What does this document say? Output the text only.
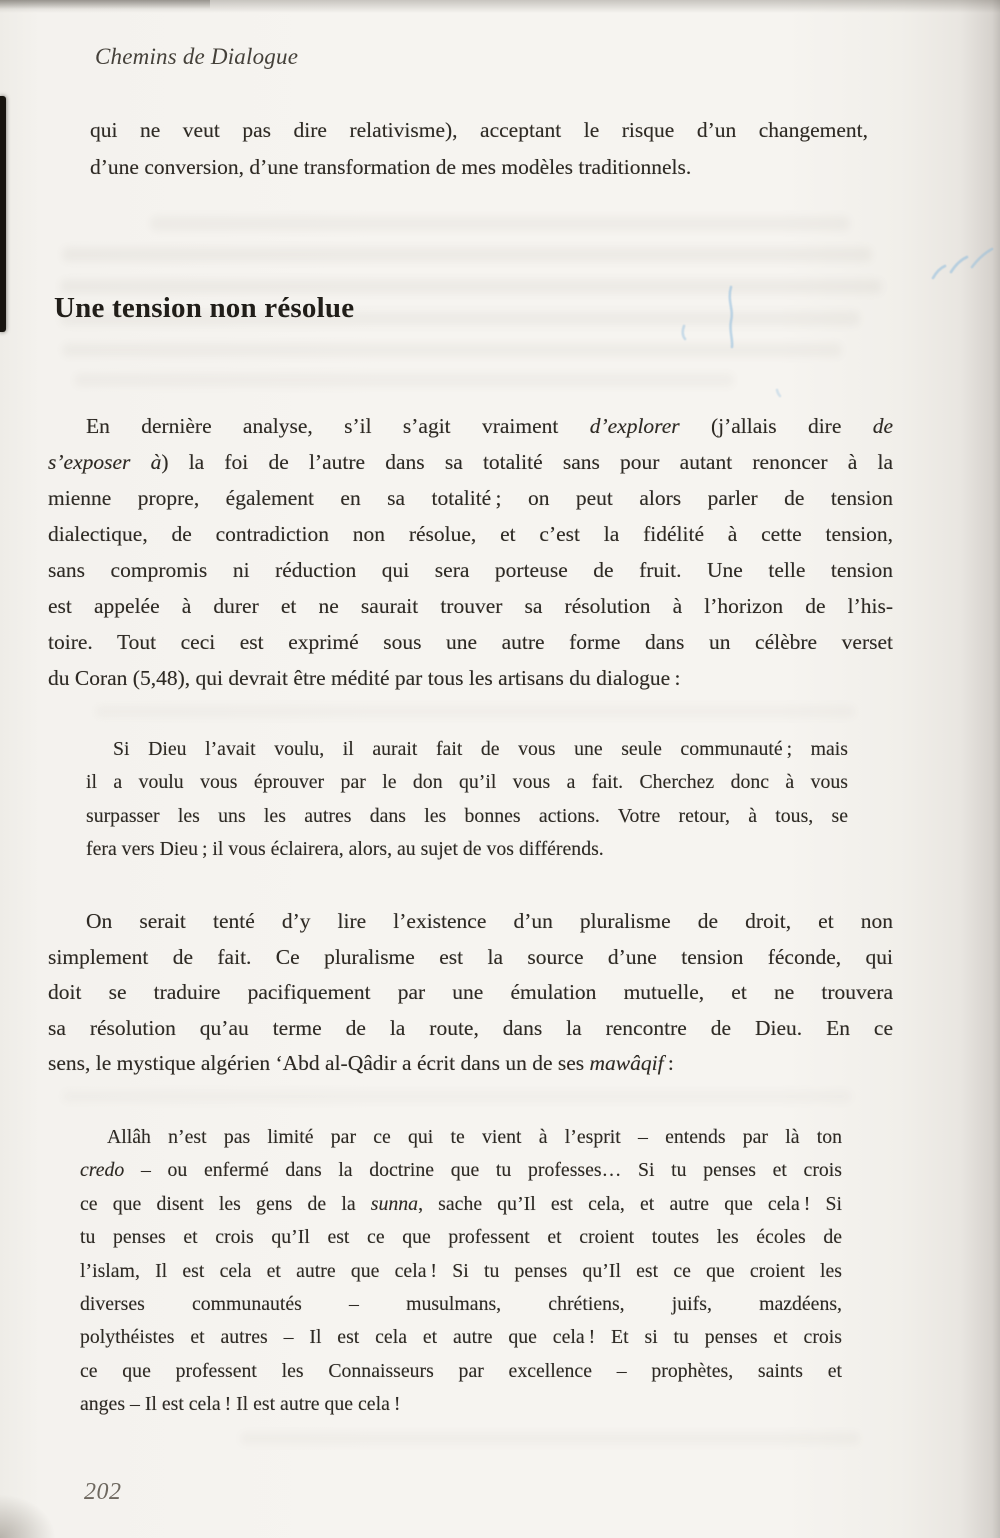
Chemins de Dialogue
qui ne veut pas dire relativisme), acceptant le risque d’un changement,
d’une conversion, d’une transformation de mes modèles traditionnels.
Une tension non résolue
En dernière analyse, s’il s’agit vraiment d’explorer (j’allais dire de
s’exposer à) la foi de l’autre dans sa totalité sans pour autant renoncer à la
mienne propre, également en sa totalité ; on peut alors parler de tension
dialectique, de contradiction non résolue, et c’est la fidélité à cette tension,
sans compromis ni réduction qui sera porteuse de fruit. Une telle tension
est appelée à durer et ne saurait trouver sa résolution à l’horizon de l’his-
toire. Tout ceci est exprimé sous une autre forme dans un célèbre verset
du Coran (5,48), qui devrait être médité par tous les artisans du dialogue :
Si Dieu l’avait voulu, il aurait fait de vous une seule communauté ; mais
il a voulu vous éprouver par le don qu’il vous a fait. Cherchez donc à vous
surpasser les uns les autres dans les bonnes actions. Votre retour, à tous, se
fera vers Dieu ; il vous éclairera, alors, au sujet de vos différends.
On serait tenté d’y lire l’existence d’un pluralisme de droit, et non
simplement de fait. Ce pluralisme est la source d’une tension féconde, qui
doit se traduire pacifiquement par une émulation mutuelle, et ne trouvera
sa résolution qu’au terme de la route, dans la rencontre de Dieu. En ce
sens, le mystique algérien ‘Abd al-Qâdir a écrit dans un de ses mawâqif :
Allâh n’est pas limité par ce qui te vient à l’esprit – entends par là ton
credo – ou enfermé dans la doctrine que tu professes… Si tu penses et crois
ce que disent les gens de la sunna, sache qu’Il est cela, et autre que cela ! Si
tu penses et crois qu’Il est ce que professent et croient toutes les écoles de
l’islam, Il est cela et autre que cela ! Si tu penses qu’Il est ce que croient les
diverses communautés – musulmans, chrétiens, juifs, mazdéens,
polythéistes et autres – Il est cela et autre que cela ! Et si tu penses et crois
ce que professent les Connaisseurs par excellence – prophètes, saints et
anges – Il est cela ! Il est autre que cela !
202
